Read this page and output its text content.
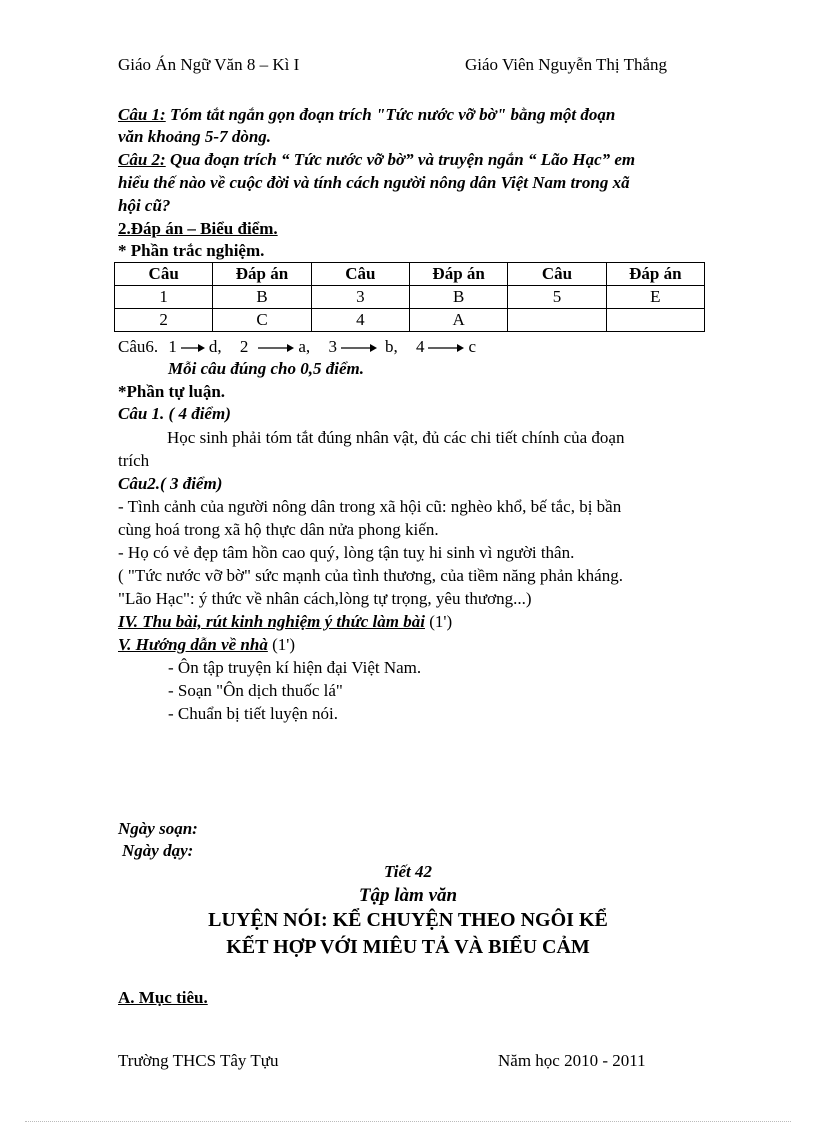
Giáo Án Ngữ Văn 8 – Kì I	Giáo Viên Nguyễn Thị Thắng
Câu 1: Tóm tắt ngắn gọn đoạn trích "Tức nước vỡ bờ" bằng một đoạn
văn khoảng 5-7 dòng.
Câu 2: Qua đoạn trích “ Tức nước vỡ bờ” và truyện ngắn “ Lão Hạc” em
hiểu thế nào về cuộc đời và tính cách người nông dân Việt Nam trong xã
hội cũ?
2.Đáp án – Biểu điểm.
* Phần trắc nghiệm.
Câu	Đáp án	Câu	Đáp án	Câu	Đáp án
1	B	3	B	5	E
2	C	4	A		
Câu6. 1 d, 2	a, 3	b, 4	c
Mỗi câu đúng cho 0,5 điểm.
*Phần tự luận.
Câu 1. ( 4 điểm)
Học sinh phải tóm tắt đúng nhân vật, đủ các chi tiết chính của đoạn
trích
Câu2.( 3 điểm)
- Tình cảnh của người nông dân trong xã hội cũ: nghèo khổ, bế tắc, bị bần
cùng hoá trong xã hộ thực dân nửa phong kiến.
- Họ có vẻ đẹp tâm hồn cao quý, lòng tận tuỵ hi sinh vì người thân.
( "Tức nước vỡ bờ" sức mạnh của tình thương, của tiềm năng phản kháng.
"Lão Hạc": ý thức về nhân cách,lòng tự trọng, yêu thương...)
IV. Thu bài, rút kinh nghiệm ý thức làm bài (1')
V. Hướng dẫn về nhà (1')
- Ôn tập truyện kí hiện đại Việt Nam.
- Soạn "Ôn dịch thuốc lá"
- Chuẩn bị tiết luyện nói.
Ngày soạn:
Ngày dạy:
Tiết 42
Tập làm văn
LUYỆN NÓI: KỂ CHUYỆN THEO NGÔI KỂ
KẾT HỢP VỚI MIÊU TẢ VÀ BIỂU CẢM
A. Mục tiêu.
Trường THCS Tây Tựu	Năm học 2010 - 2011
